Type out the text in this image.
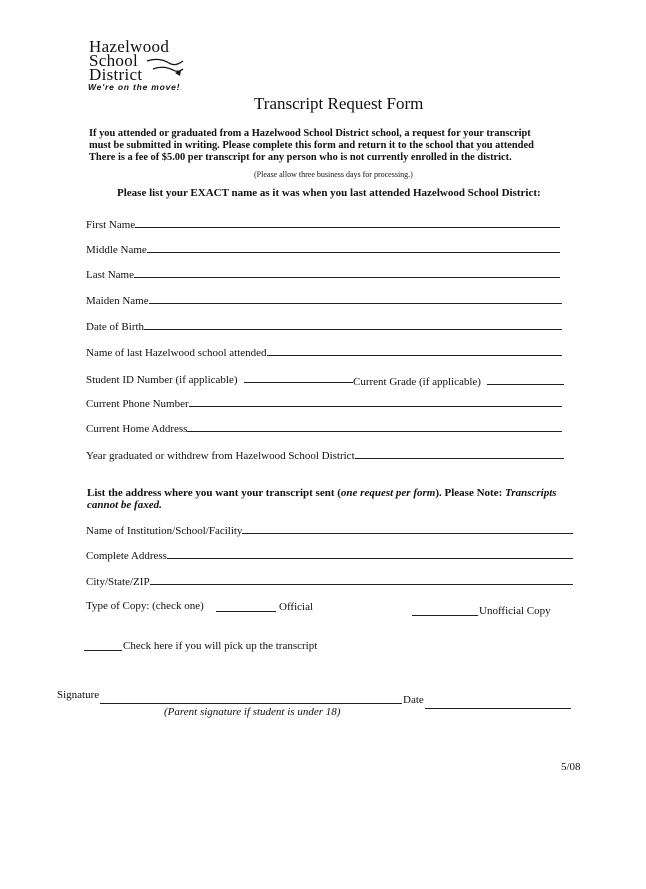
Hazelwood
School
District
We're on the move!
Transcript Request Form
If you attended or graduated from a Hazelwood School District school, a request for your transcript
must be submitted in writing. Please complete this form and return it to the school that you attended
There is a fee of $5.00 per transcript for any person who is not currently enrolled in the district.
(Please allow three business days for processing.)
Please list your EXACT name as it was when you last attended Hazelwood School District:
First Name
Middle Name
Last Name
Maiden Name
Date of Birth
Name of last Hazelwood school attended
Student ID Number (if applicable)	Current Grade (if applicable)
Current Phone Number
Current Home Address
Year graduated or withdrew from Hazelwood School District
List the address where you want your transcript sent (one request per form). Please Note: Transcripts
cannot be faxed.
Name of Institution/School/Facility
Complete Address
City/State/ZIP
Type of Copy: (check one)	Official	Unofficial Copy
Check here if you will pick up the transcript
Signature
(Parent signature if student is under 18)
Date
5/08
